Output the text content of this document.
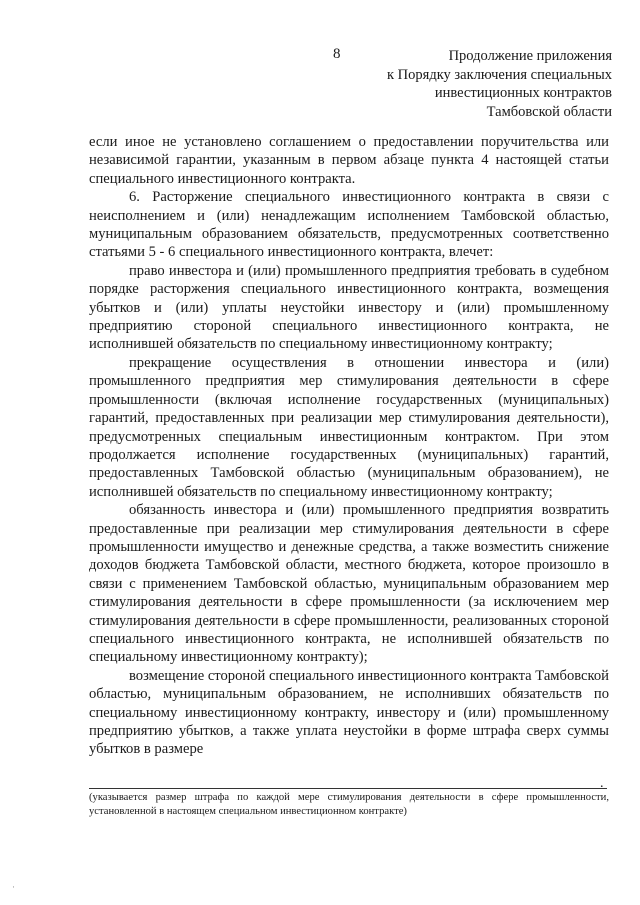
8	Продолжение приложения
к Порядку заключения специальных
инвестиционных контрактов
Тамбовской области

если иное не установлено соглашением о предоставлении поручительства или независимой гарантии, указанным в первом абзаце пункта 4 настоящей статьи специального инвестиционного контракта.

6. Расторжение специального инвестиционного контракта в связи с неисполнением и (или) ненадлежащим исполнением Тамбовской областью, муниципальным образованием обязательств, предусмотренных соответственно статьями 5 - 6 специального инвестиционного контракта, влечет:

право инвестора и (или) промышленного предприятия требовать в судебном порядке расторжения специального инвестиционного контракта, возмещения убытков и (или) уплаты неустойки инвестору и (или) промышленному предприятию стороной специального инвестиционного контракта, не исполнившей обязательств по специальному инвестиционному контракту;

прекращение осуществления в отношении инвестора и (или) промышленного предприятия мер стимулирования деятельности в сфере промышленности (включая исполнение государственных (муниципальных) гарантий, предоставленных при реализации мер стимулирования деятельности), предусмотренных специальным инвестиционным контрактом. При этом продолжается исполнение государственных (муниципальных) гарантий, предоставленных Тамбовской областью (муниципальным образованием), не исполнившей обязательств по специальному инвестиционному контракту;

обязанность инвестора и (или) промышленного предприятия возвратить предоставленные при реализации мер стимулирования деятельности в сфере промышленности имущество и денежные средства, а также возместить снижение доходов бюджета Тамбовской области, местного бюджета, которое произошло в связи с применением Тамбовской областью, муниципальным образованием мер стимулирования деятельности в сфере промышленности (за исключением мер стимулирования деятельности в сфере промышленности, реализованных стороной специального инвестиционного контракта, не исполнившей обязательств по специальному инвестиционному контракту);

возмещение стороной специального инвестиционного контракта Тамбовской областью, муниципальным образованием, не исполнивших обязательств по специальному инвестиционному контракту, инвестору и (или) промышленному предприятию убытков, а также уплата неустойки в форме штрафа сверх суммы убытков в размере

.
(указывается размер штрафа по каждой мере стимулирования деятельности в сфере промышленности, установленной в настоящем специальном инвестиционном контракте)
·
